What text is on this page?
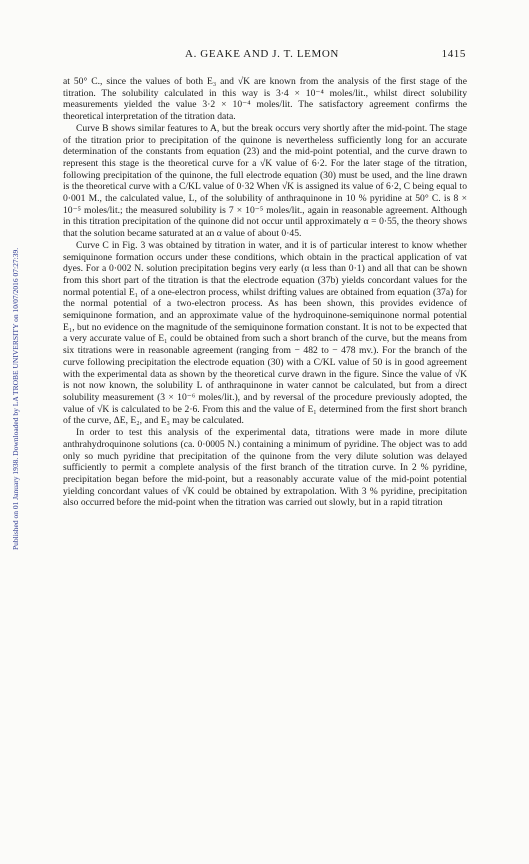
A. GEAKE AND J. T. LEMON	1415
Published on 01 January 1938. Downloaded by LA TROBE UNIVERSITY on 10/07/2016 07:27:39.

at 50° C., since the values of both E₃ and √K are known from the analysis of the first stage of the titration. The solubility calculated in this way is 3·4 × 10⁻⁴ moles/lit., whilst direct solubility measurements yielded the value 3·2 × 10⁻⁴ moles/lit. The satisfactory agreement confirms the theoretical interpretation of the titration data.

Curve B shows similar features to A, but the break occurs very shortly after the mid-point. The stage of the titration prior to precipitation of the quinone is nevertheless sufficiently long for an accurate determination of the constants from equation (23) and the mid-point potential, and the curve drawn to represent this stage is the theoretical curve for a √K value of 6·2. For the later stage of the titration, following precipitation of the quinone, the full electrode equation (30) must be used, and the line drawn is the theoretical curve with a C/KL value of 0·32 When √K is assigned its value of 6·2, C being equal to 0·001 M., the calculated value, L, of the solubility of anthraquinone in 10 % pyridine at 50° C. is 8 × 10⁻⁵ moles/lit.; the measured solubility is 7 × 10⁻⁵ moles/lit., again in reasonable agreement. Although in this titration precipitation of the quinone did not occur until approximately α = 0·55, the theory shows that the solution became saturated at an α value of about 0·45.

Curve C in Fig. 3 was obtained by titration in water, and it is of particular interest to know whether semiquinone formation occurs under these conditions, which obtain in the practical application of vat dyes. For a 0·002 N. solution precipitation begins very early (α less than 0·1) and all that can be shown from this short part of the titration is that the electrode equation (37b) yields concordant values for the normal potential E₁ of a one-electron process, whilst drifting values are obtained from equation (37a) for the normal potential of a two-electron process. As has been shown, this provides evidence of semiquinone formation, and an approximate value of the hydroquinone-semiquinone normal potential E₁, but no evidence on the magnitude of the semiquinone formation constant. It is not to be expected that a very accurate value of E₁ could be obtained from such a short branch of the curve, but the means from six titrations were in reasonable agreement (ranging from − 482 to − 478 mv.). For the branch of the curve following precipitation the electrode equation (30) with a C/KL value of 50 is in good agreement with the experimental data as shown by the theoretical curve drawn in the figure. Since the value of √K is not now known, the solubility L of anthraquinone in water cannot be calculated, but from a direct solubility measurement (3 × 10⁻⁶ moles/lit.), and by reversal of the procedure previously adopted, the value of √K is calculated to be 2·6. From this and the value of E₁ determined from the first short branch of the curve, ΔE, E₂, and E₃ may be calculated.

In order to test this analysis of the experimental data, titrations were made in more dilute anthrahydroquinone solutions (ca. 0·0005 N.) containing a minimum of pyridine. The object was to add only so much pyridine that precipitation of the quinone from the very dilute solution was delayed sufficiently to permit a complete analysis of the first branch of the titration curve. In 2 % pyridine, precipitation began before the mid-point, but a reasonably accurate value of the mid-point potential yielding concordant values of √K could be obtained by extrapolation. With 3 % pyridine, precipitation also occurred before the mid-point when the titration was carried out slowly, but in a rapid titration
